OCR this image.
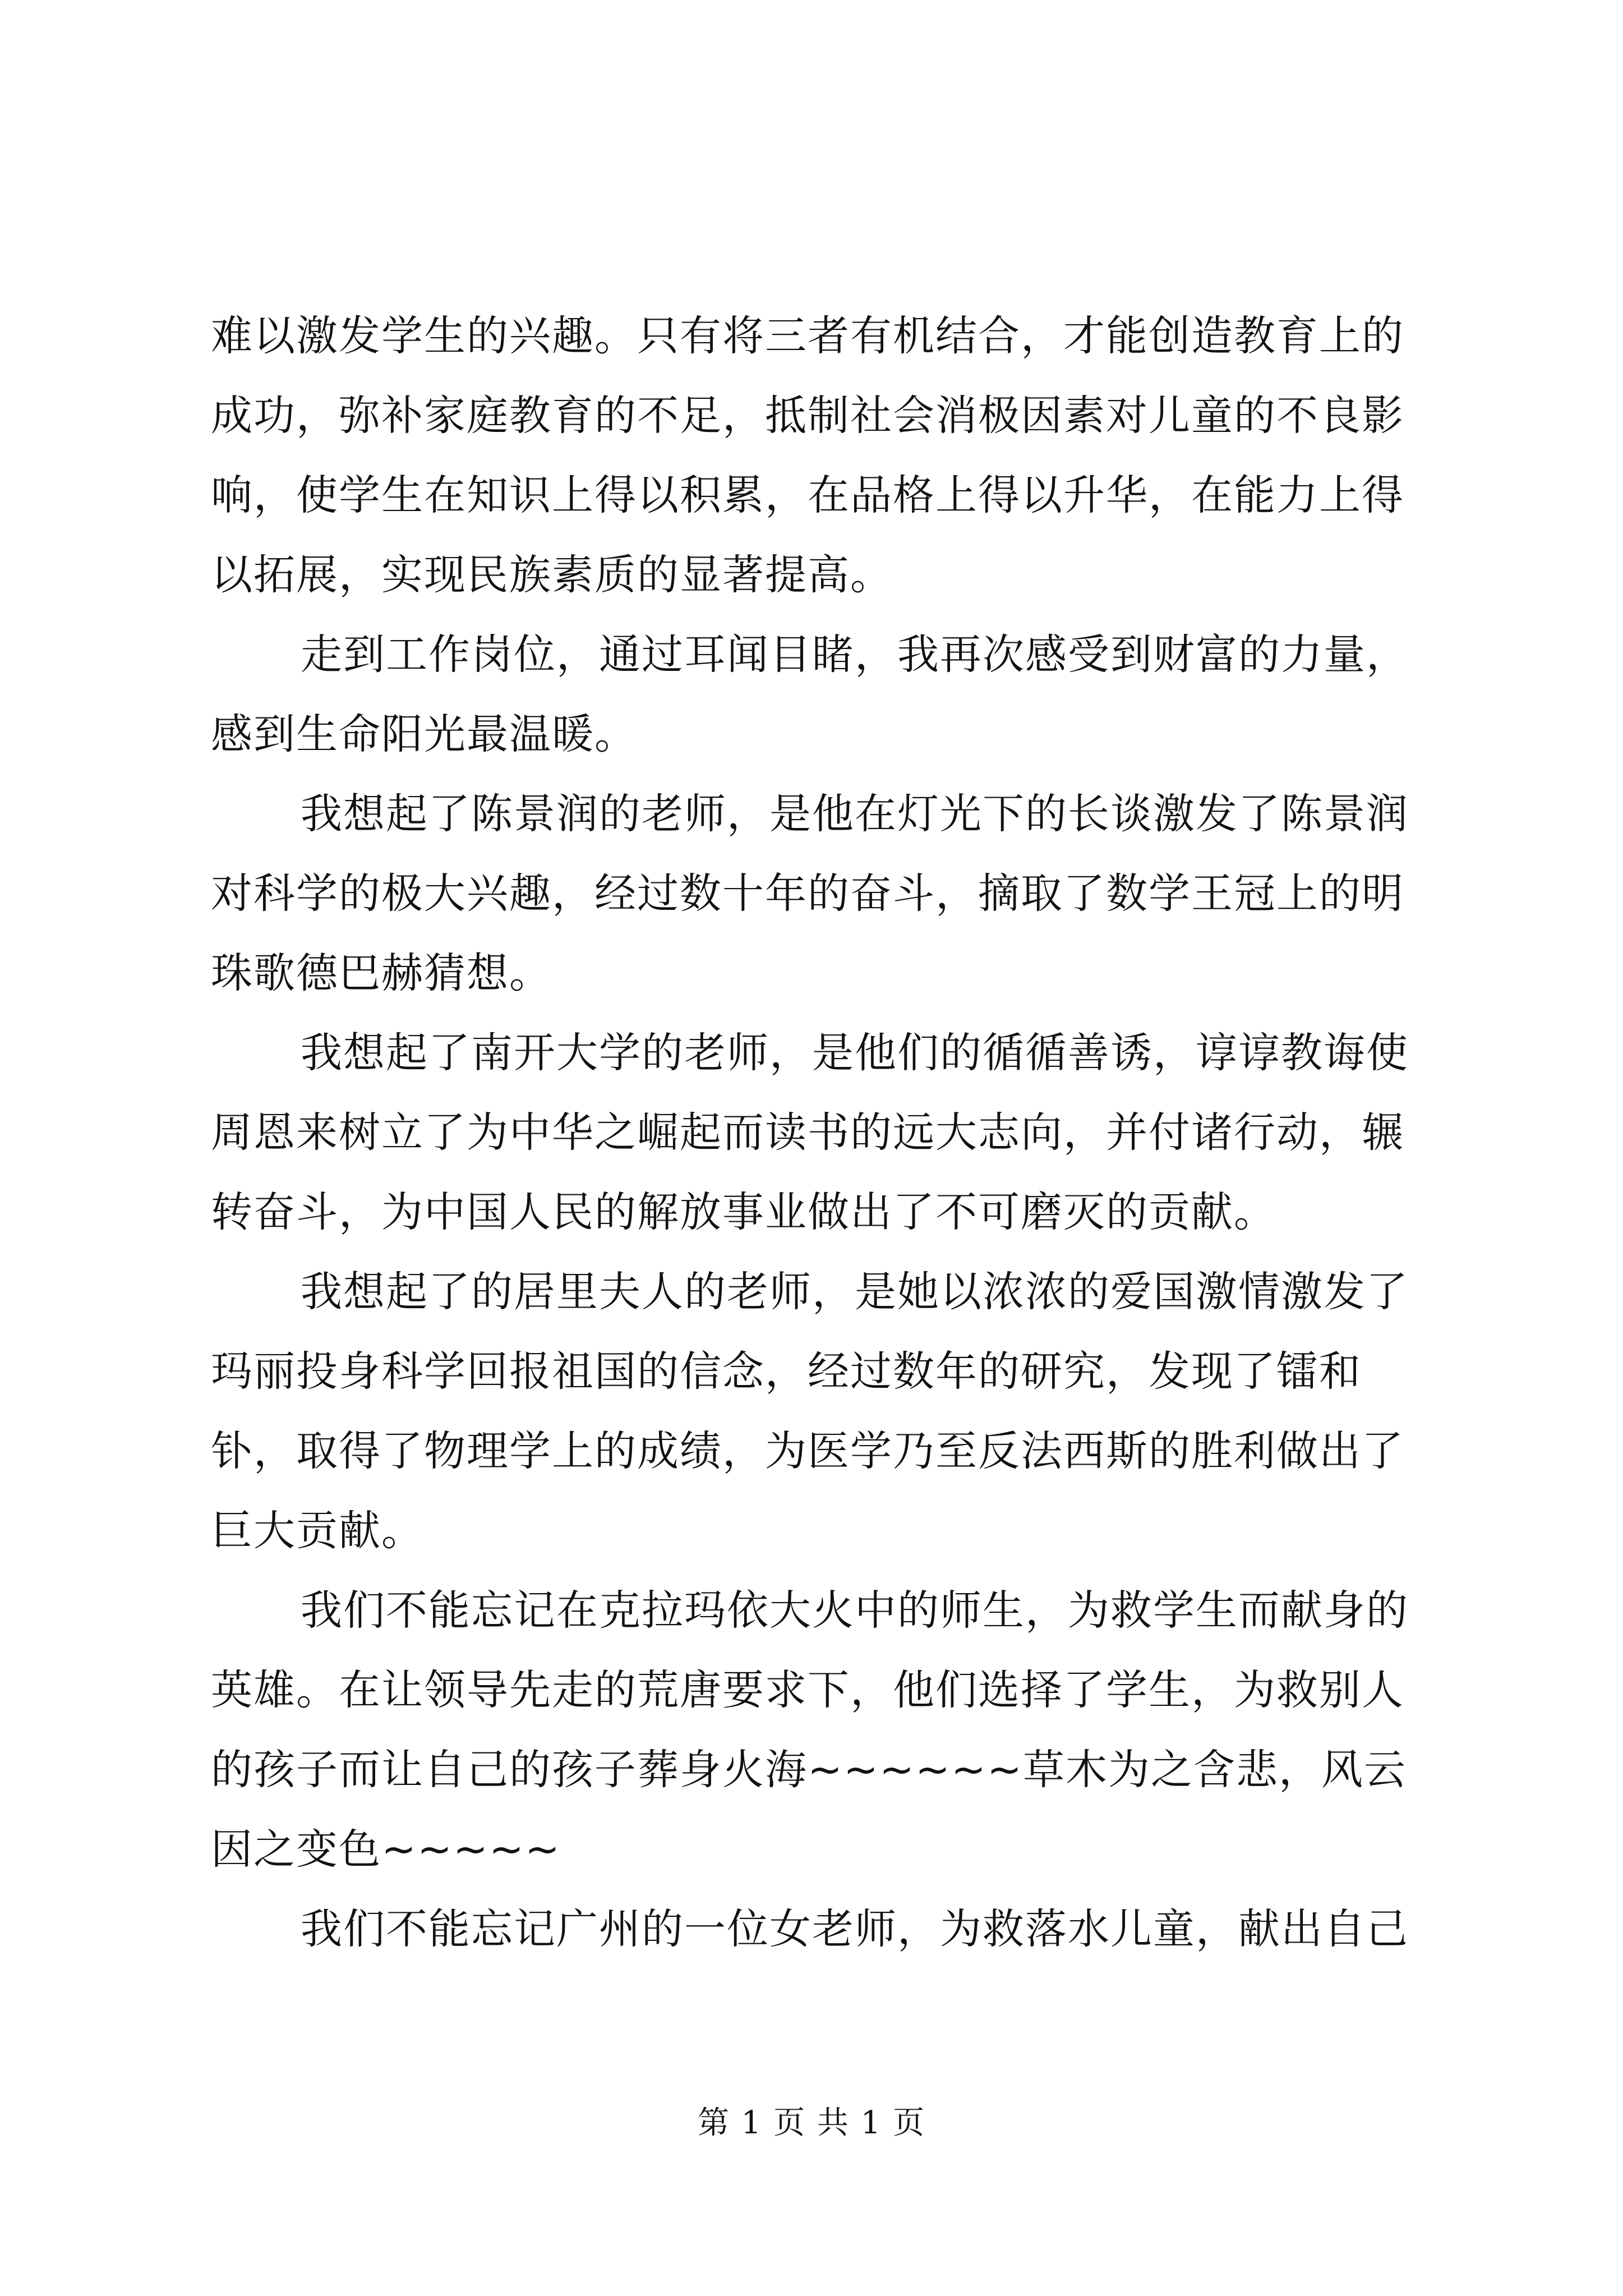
难以激发学生的兴趣。只有将三者有机结合，才能创造教育上的成功，弥补家庭教育的不足，抵制社会消极因素对儿童的不良影响，使学生在知识上得以积累，在品格上得以升华，在能力上得以拓展，实现民族素质的显著提高。

走到工作岗位，通过耳闻目睹，我再次感受到财富的力量，感到生命阳光最温暖。

我想起了陈景润的老师，是他在灯光下的长谈激发了陈景润对科学的极大兴趣，经过数十年的奋斗，摘取了数学王冠上的明珠歌德巴赫猜想。

我想起了南开大学的老师，是他们的循循善诱，谆谆教诲使周恩来树立了为中华之崛起而读书的远大志向，并付诸行动，辗转奋斗，为中国人民的解放事业做出了不可磨灭的贡献。

我想起了的居里夫人的老师，是她以浓浓的爱国激情激发了玛丽投身科学回报祖国的信念，经过数年的研究，发现了镭和钋，取得了物理学上的成绩，为医学乃至反法西斯的胜利做出了巨大贡献。

我们不能忘记在克拉玛依大火中的师生，为救学生而献身的英雄。在让领导先走的荒唐要求下，他们选择了学生，为救别人的孩子而让自己的孩子葬身火海~~~~~~草木为之含悲，风云因之变色~~~~~

我们不能忘记广州的一位女老师，为救落水儿童，献出自己

第 1 页 共 1 页
